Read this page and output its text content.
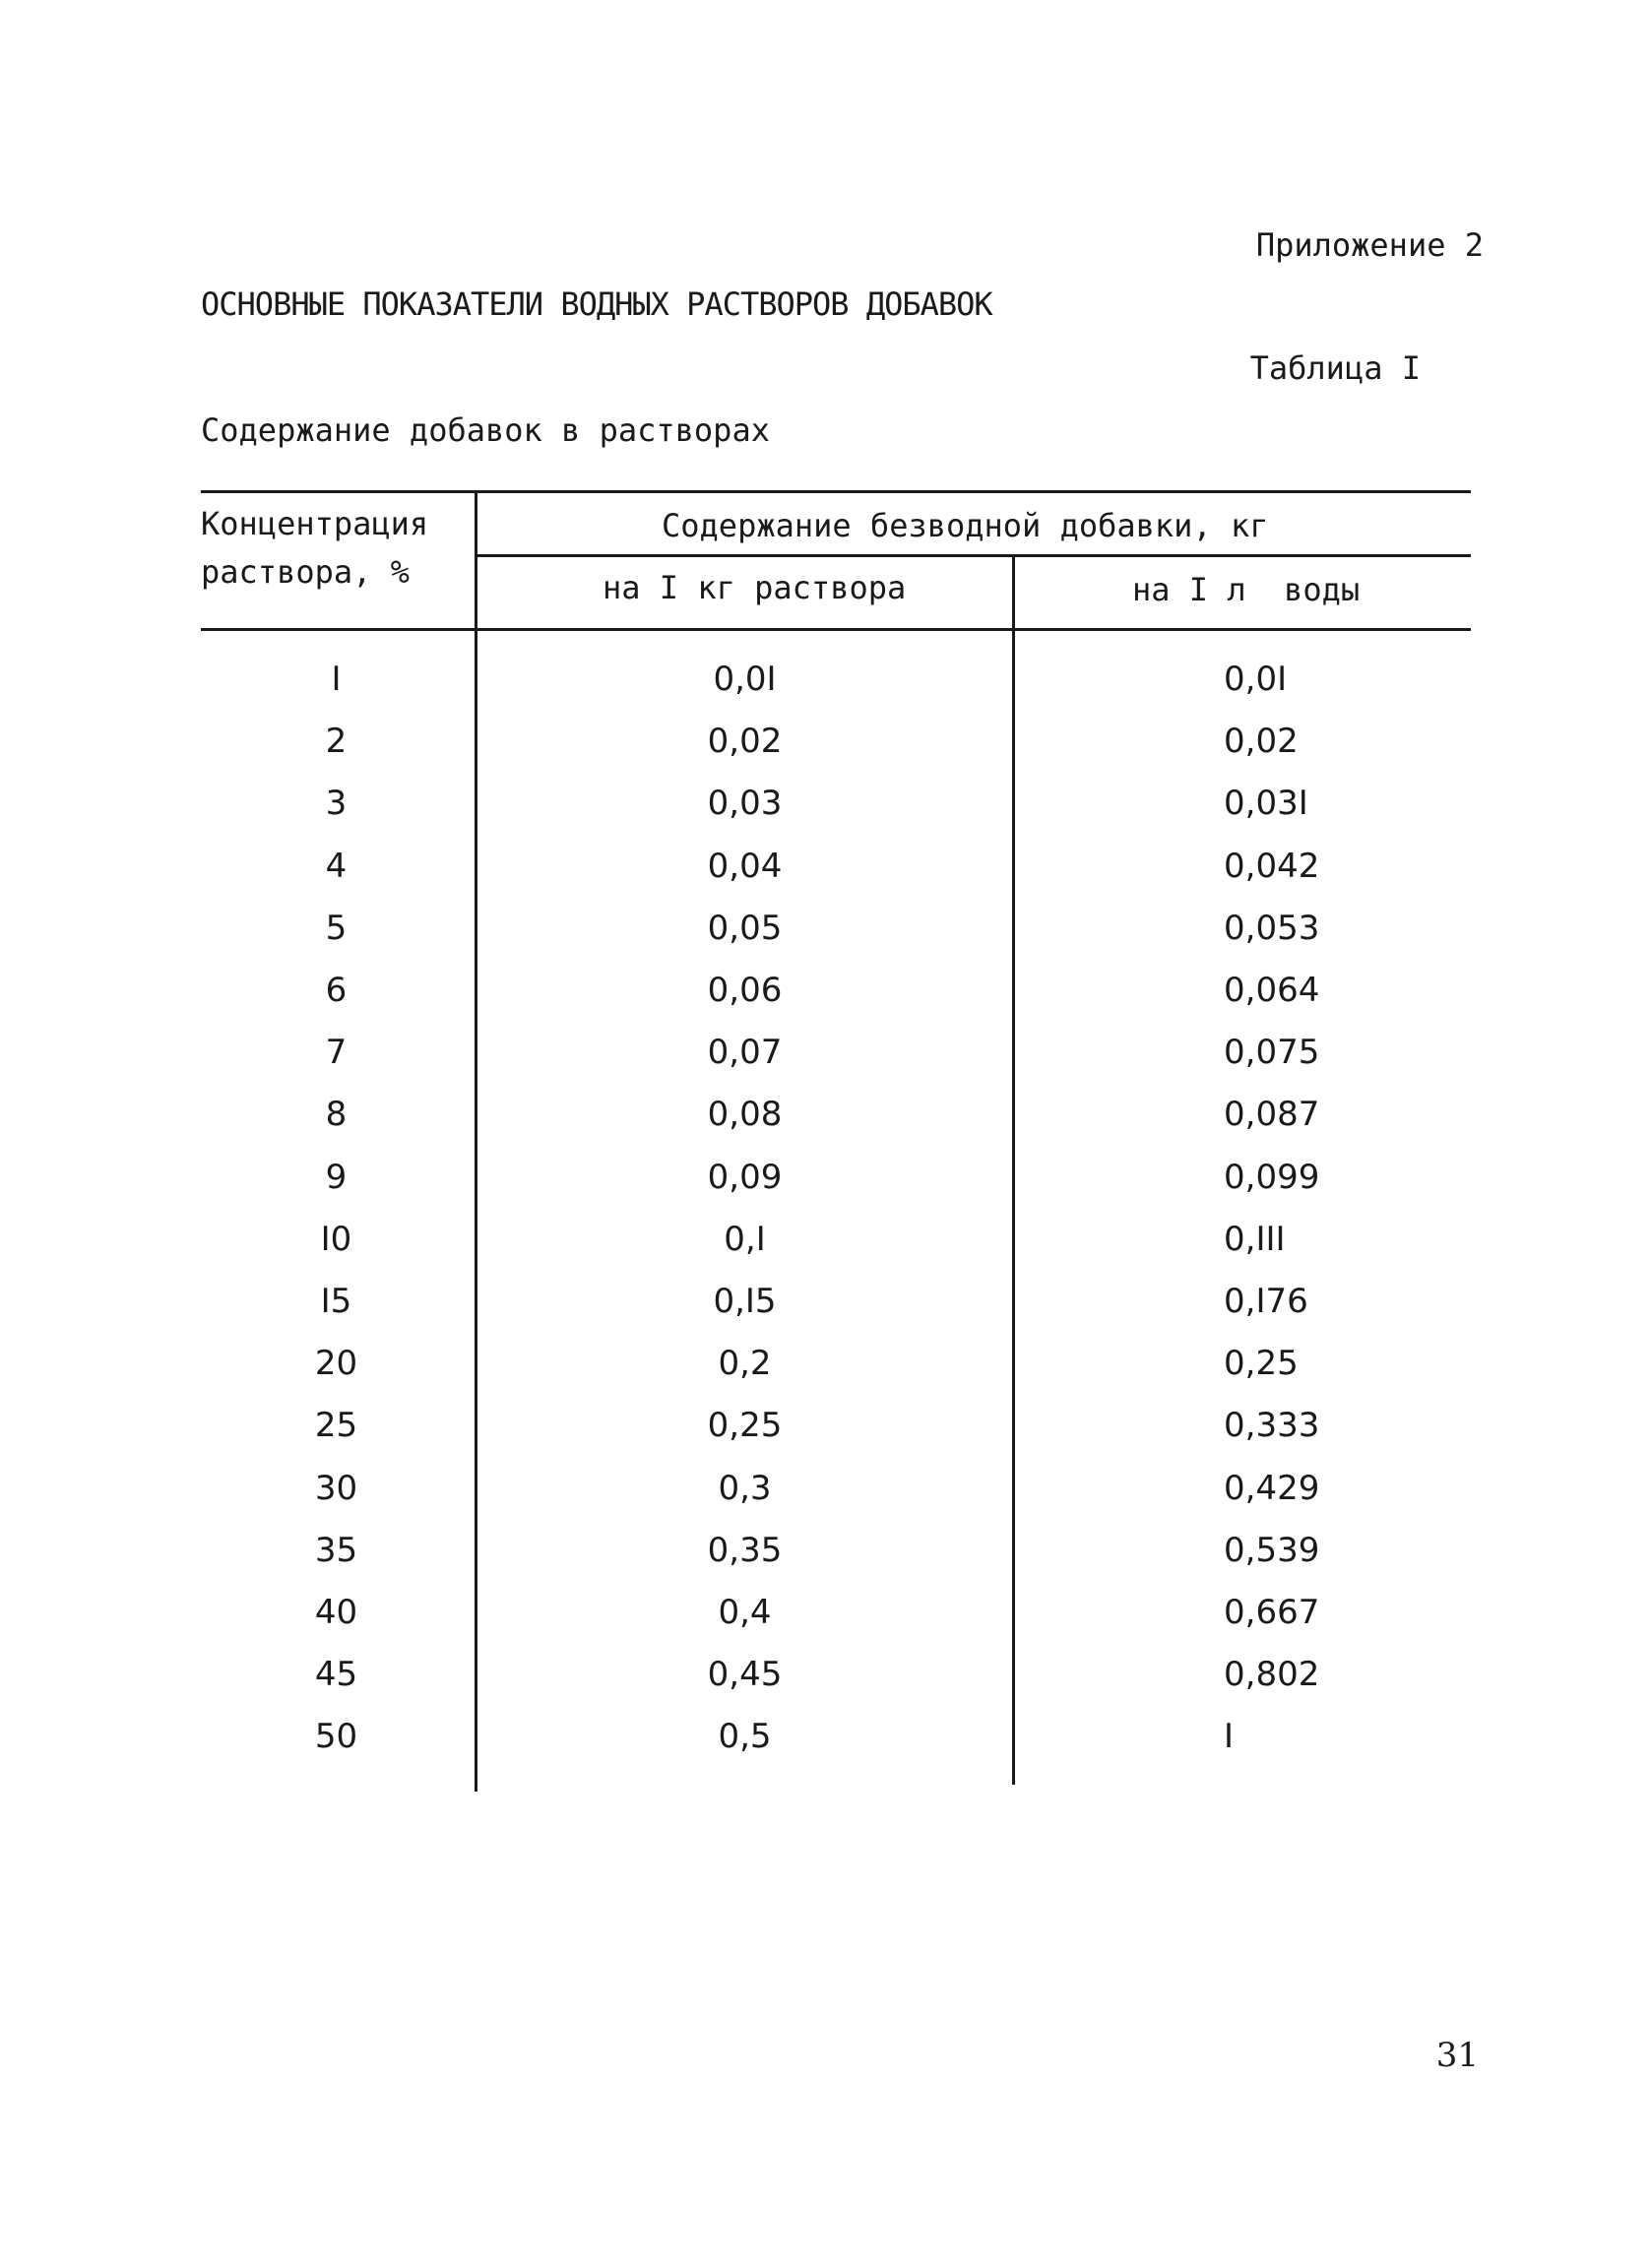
Приложение 2
ОСНОВНЫЕ ПОКАЗАТЕЛИ ВОДНЫХ РАСТВОРОВ ДОБАВОК
Таблица I
Содержание добавок в растворах
Концентрация
раствора, %
Содержание безводной добавки, кг
на I кг раствора	на I л  воды
I	0,0I	0,0I
2	0,02	0,02
3	0,03	0,03I
4	0,04	0,042
5	0,05	0,053
6	0,06	0,064
7	0,07	0,075
8	0,08	0,087
9	0,09	0,099
I0	0,I	0,III
I5	0,I5	0,I76
20	0,2	0,25
25	0,25	0,333
30	0,3	0,429
35	0,35	0,539
40	0,4	0,667
45	0,45	0,802
50	0,5	I
31
